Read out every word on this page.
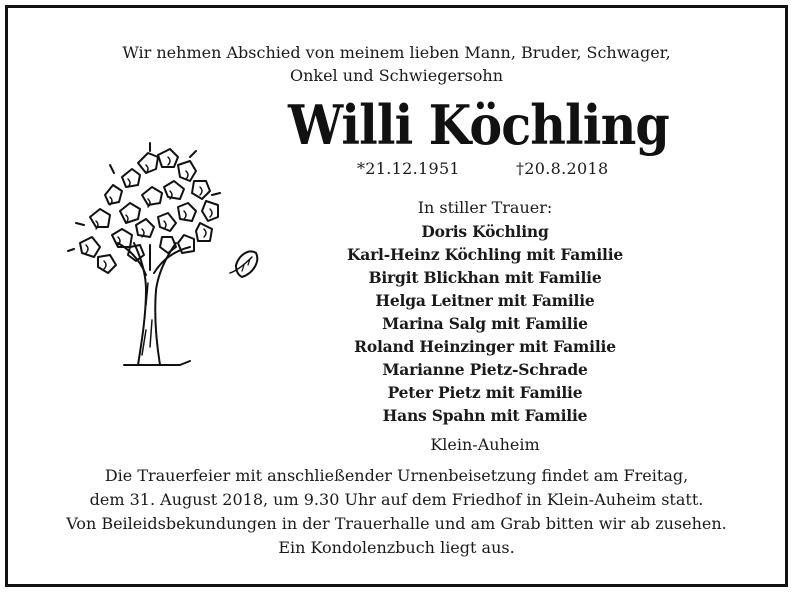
Wir nehmen Abschied von meinem lieben Mann, Bruder, Schwager,
Onkel und Schwiegersohn
Willi Köchling
*21.12.1951	†20.8.2018
In stiller Trauer:
Doris Köchling
Karl-Heinz Köchling mit Familie
Birgit Blickhan mit Familie
Helga Leitner mit Familie
Marina Salg mit Familie
Roland Heinzinger mit Familie
Marianne Pietz-Schrade
Peter Pietz mit Familie
Hans Spahn mit Familie
Klein-Auheim
Die Trauerfeier mit anschließender Urnenbeisetzung findet am Freitag,
dem 31. August 2018, um 9.30 Uhr auf dem Friedhof in Klein-Auheim statt.
Von Beileidsbekundungen in der Trauerhalle und am Grab bitten wir ab zusehen.
Ein Kondolenzbuch liegt aus.
